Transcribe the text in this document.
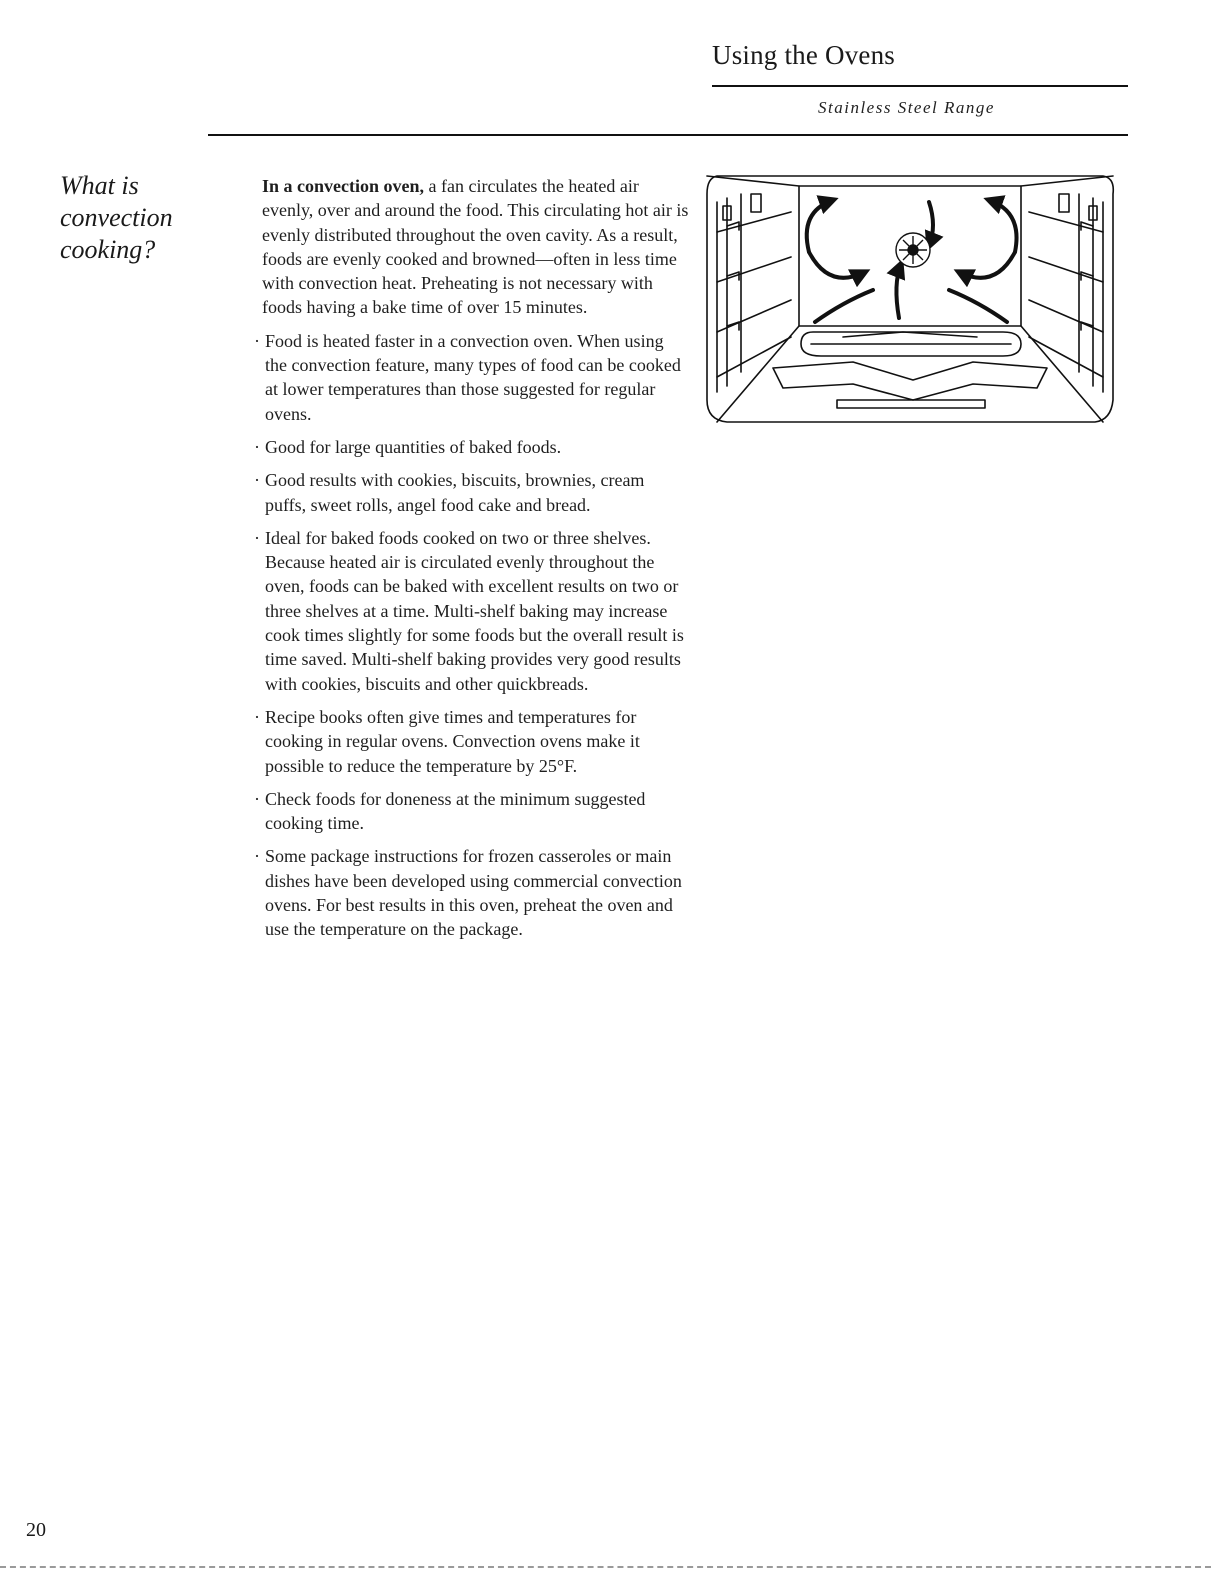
Using the Ovens
Stainless Steel Range
What is convection cooking?

In a convection oven, a fan circulates the heated air evenly, over and around the food. This circulating hot air is evenly distributed throughout the oven cavity. As a result, foods are evenly cooked and browned—often in less time with convection heat. Preheating is not necessary with foods having a bake time of over 15 minutes.

· Food is heated faster in a convection oven. When using the convection feature, many types of food can be cooked at lower temperatures than those suggested for regular ovens.
· Good for large quantities of baked foods.
· Good results with cookies, biscuits, brownies, cream puffs, sweet rolls, angel food cake and bread.
· Ideal for baked foods cooked on two or three shelves. Because heated air is circulated evenly throughout the oven, foods can be baked with excellent results on two or three shelves at a time. Multi-shelf baking may increase cook times slightly for some foods but the overall result is time saved. Multi-shelf baking provides very good results with cookies, biscuits and other quickbreads.
· Recipe books often give times and temperatures for cooking in regular ovens. Convection ovens make it possible to reduce the temperature by 25°F.
· Check foods for doneness at the minimum suggested cooking time.
· Some package instructions for frozen casseroles or main dishes have been developed using commercial convection ovens. For best results in this oven, preheat the oven and use the temperature on the package.
20
